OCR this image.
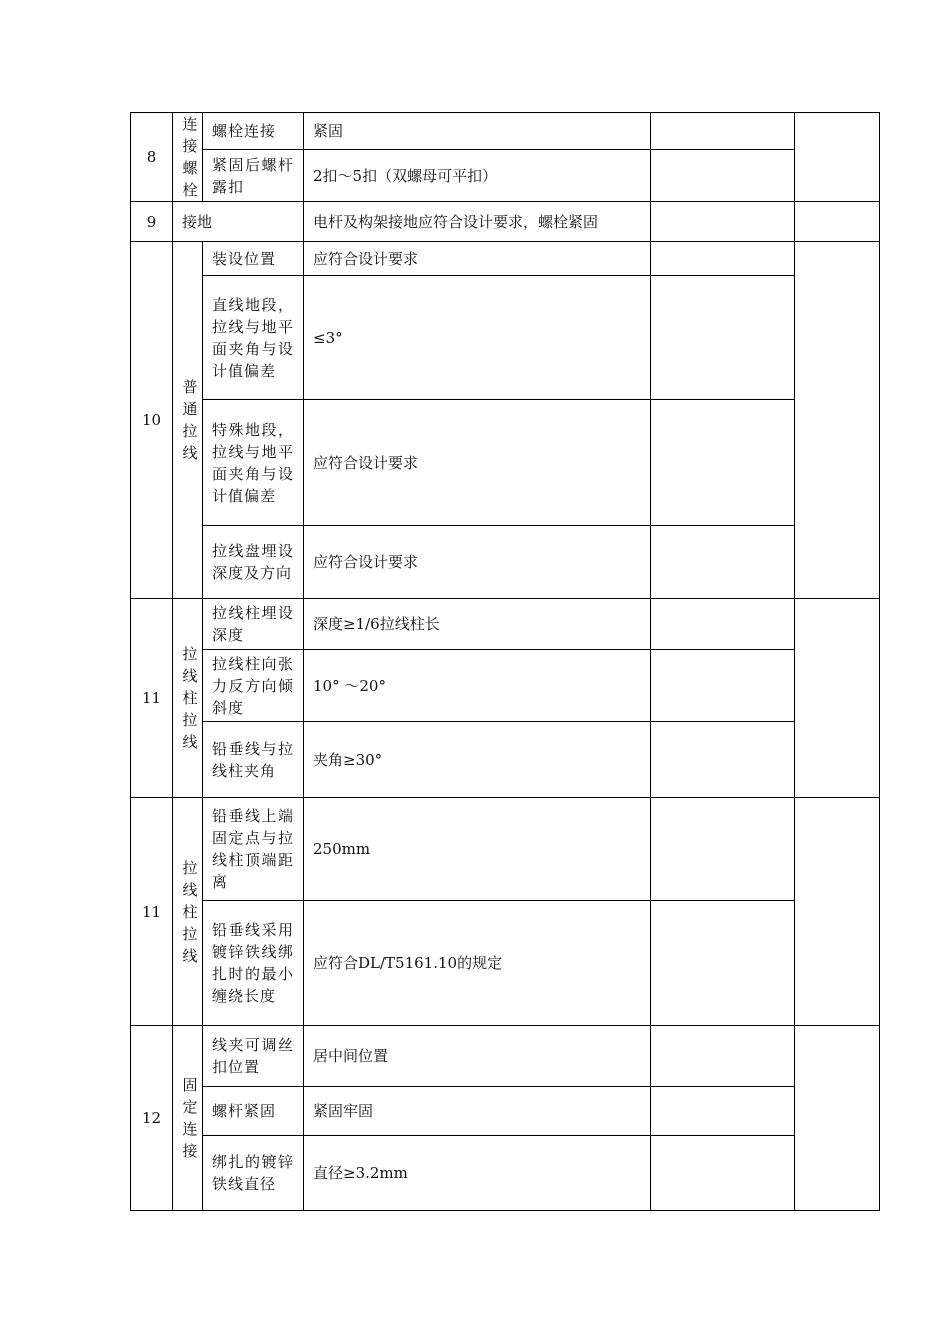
8	连接螺栓	螺栓连接	紧固		

		紧固后螺杆露扣	2扣～5扣（双螺母可平扣）		
9	接地		电杆及构架接地应符合设计要求，螺栓紧固		
10	普通拉线	装设位置	应符合设计要求		

		直线地段，拉线与地平面夹角与设计值偏差	≤3°		

		特殊地段，拉线与地平面夹角与设计值偏差	应符合设计要求		

		拉线盘埋设深度及方向	应符合设计要求		
11	拉线柱拉线	拉线柱埋设深度	深度≥1/6拉线柱长		

		拉线柱向张力反方向倾斜度	10° ～20°		

		铅垂线与拉线柱夹角	夹角≥30°		
11	拉线柱拉线	铅垂线上端固定点与拉线柱顶端距离	250mm		

		铅垂线采用镀锌铁线绑扎时的最小缠绕长度	应符合DL/T5161.10的规定		
12	固定连接	线夹可调丝扣位置	居中间位置		

		螺杆紧固	紧固牢固		

		绑扎的镀锌铁线直径	直径≥3.2mm		
